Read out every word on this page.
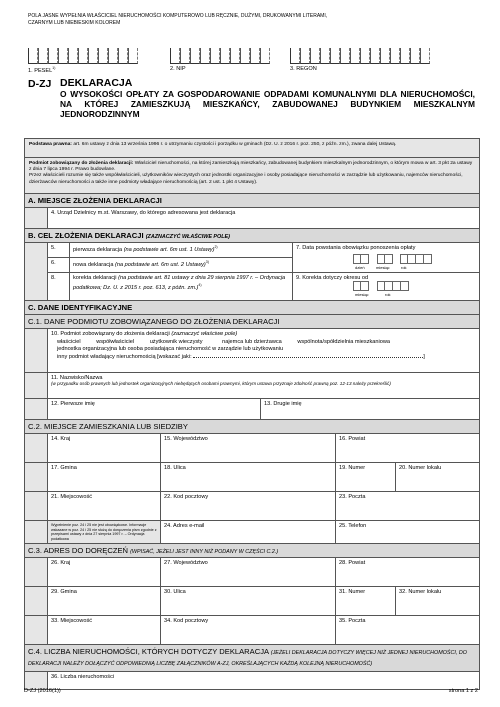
POLA JASNE WYPEŁNIA WŁAŚCICIEL NIERUCHOMOŚCI KOMPUTEROWO LUB RĘCZNIE, DUŻYMI, DRUKOWANYMI LITERAMI, CZARNYM LUB NIEBIESKIM KOLOREM
1. PESEL$^{1)}$	2. NIP	3. REGON
D-ZJ DEKLARACJA
O WYSOKOŚCI OPŁATY ZA GOSPODAROWANIE ODPADAMI KOMUNALNYMI DLA NIERUCHOMOŚCI, NA KTÓREJ ZAMIESZKUJĄ MIESZKAŃCY, ZABUDOWANEJ BUDYNKIEM MIESZKALNYM JEDNORODZINNYM
Podstawa prawna: art. 6m ustawy z dnia 13 września 1996 r. o utrzymaniu czystości i porządku w gminach (Dz. U. z 2016 r. poz. 250, z późn. zm.), zwana dalej Ustawą.
Podmiot zobowiązany do złożenia deklaracji: Właściciel nieruchomości, na której zamieszkują mieszkańcy, zabudowanej budynkiem mieszkalnym jednorodzinnym, o którym mowa w art. 3 pkt 2a ustawy z dnia 7 lipca 1994 r. Prawo budowlane.
Przez właścicieli rozumie się także współwłaścicieli, użytkowników wieczystych oraz jednostki organizacyjne i osoby posiadające nieruchomości w zarządzie lub użytkowaniu, najemców nieruchomości, dzierżawców nieruchomości a także inne podmioty władające nieruchomością (art. 2 ust. 1 pkt 4 Ustawy).
A. MIEJSCE ZŁOŻENIA DEKLARACJI
4. Urząd Dzielnicy m.st. Warszawy, do którego adresowana jest deklaracja
B. CEL ZŁOŻENIA DEKLARACJI (ZAZNACZYĆ WŁAŚCIWE POLE)
5.	pierwsza deklaracja (na podstawie art. 6m ust. 1 Ustawy)$^{2)}$
6.	nowa deklaracja (na podstawie art. 6m ust. 2 Ustawy)$^{3)}$
8.	korekta deklaracji (na podstawie art. 81 ustawy z dnia 29 sierpnia 1997 r. – Ordynacja podatkowa; Dz. U. z 2015 r. poz. 613, z późn. zm.)$^{4)}$
7. Data powstania obowiązku ponoszenia opłaty

dzień	miesiąc	rok
9. Korekta dotyczy okresu od

miesiąc	rok
C. DANE IDENTYFIKACYJNE
C.1. DANE PODMIOTU ZOBOWIĄZANEGO DO ZŁOŻENIA DEKLARACJI
10. Podmiot zobowiązany do złożenia deklaracji (zaznaczyć właściwe pole)
właściciel	współwłaściciel	użytkownik wieczysty	najemca lub dzierżawca	wspólnota/spółdzielnia mieszkaniowa
jednostka organizacyjna lub osoba posiadająca nieruchomość w zarządzie lub użytkowaniu
inny podmiot władający nieruchomością [wskazać jaki:	]
11. Nazwisko/Nazwa
(w przypadku osób prawnych lub jednostek organizacyjnych niebędących osobami prawnymi, którym ustawa przyznaje zdolność prawną poz. 12-13 należy przekreślić)
12. Pierwsze imię	13. Drugie imię
C.2. MIEJSCE ZAMIESZKANIA LUB SIEDZIBY
14. Kraj	15. Województwo	16. Powiat
17. Gmina	18. Ulica	19. Numer	20. Numer lokalu
21. Miejscowość	22. Kod pocztowy	23. Poczta
Wypełnienie poz. 24 i 25 nie jest obowiązkowe. Informacje wskazane w poz. 24 i 25 nie służą do doręczenia pism zgodnie z przepisami ustawy z dnia 27 sierpnia 1997 r. – Ordynacja podatkowa
24. Adres e-mail	25. Telefon
C.3. ADRES DO DORĘCZEŃ (WPISAĆ, JEŻELI JEST INNY NIŻ PODANY W CZĘŚCI C.2.)
26. Kraj	27. Województwo	28. Powiat
29. Gmina	30. Ulica	31. Numer	32. Numer lokalu
33. Miejscowość	34. Kod pocztowy	35. Poczta
C.4. LICZBA NIERUCHOMOŚCI, KTÓRYCH DOTYCZY DEKLARACJA (JEŻELI DEKLARACJA DOTYCZY WIĘCEJ NIŻ JEDNEJ NIERUCHOMOŚCI, DO DEKLARACJI NALEŻY DOŁĄCZYĆ ODPOWIEDNIĄ LICZBĘ ZAŁĄCZNIKÓW A-ZJ, OKREŚLAJĄCYCH KAŻDĄ KOLEJNĄ NIERUCHOMOŚĆ)
36. Liczba nieruchomości
D-ZJ (2016(1))	strona 1 z 2
